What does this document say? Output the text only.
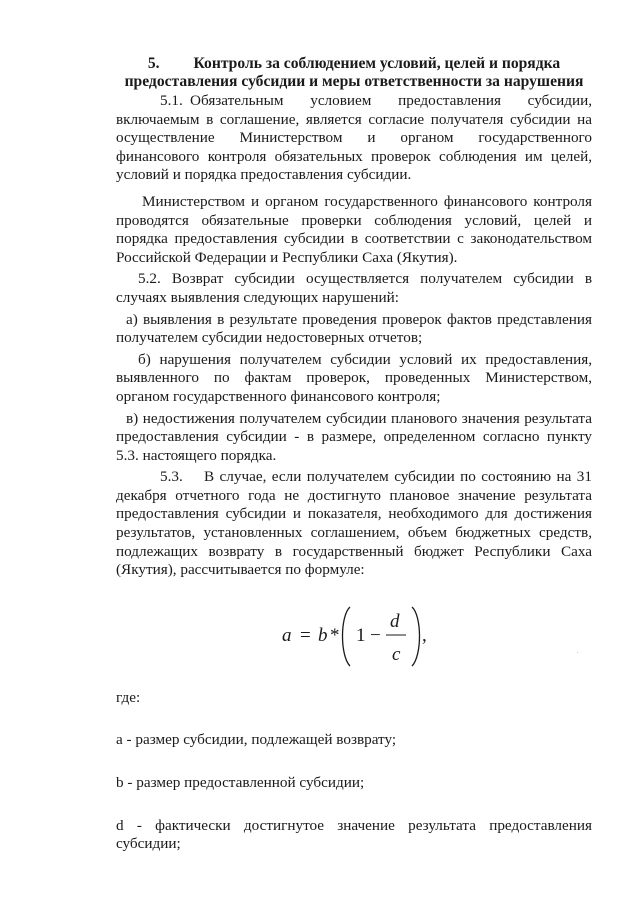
5. Контроль за соблюдением условий, целей и порядка
предоставления субсидии и меры ответственности за нарушения

5.1. Обязательным условием предоставления субсидии, включаемым в соглашение, является согласие получателя субсидии на осуществление Министерством и органом государственного финансового контроля обязательных проверок соблюдения им целей, условий и порядка предоставления субсидии.

Министерством и органом государственного финансового контроля проводятся обязательные проверки соблюдения условий, целей и порядка предоставления субсидии в соответствии с законодательством Российской Федерации и Республики Саха (Якутия).

5.2. Возврат субсидии осуществляется получателем субсидии в случаях выявления следующих нарушений:

а) выявления в результате проведения проверок фактов представления получателем субсидии недостоверных отчетов;

б) нарушения получателем субсидии условий их предоставления, выявленного по фактам проверок, проведенных Министерством, органом государственного финансового контроля;

в) недостижения получателем субсидии планового значения результата предоставления субсидии - в размере, определенном согласно пункту 5.3. настоящего порядка.

5.3. В случае, если получателем субсидии по состоянию на 31 декабря отчетного года не достигнуто плановое значение результата предоставления субсидии и показателя, необходимого для достижения результатов, установленных соглашением, объем бюджетных средств, подлежащих возврату в государственный бюджет Республики Саха (Якутия), рассчитывается по формуле:

a = b * 1 −
d
c
,

где:

а - размер субсидии, подлежащей возврату;

b - размер предоставленной субсидии;

d - фактически достигнутое значение результата предоставления субсидии;
